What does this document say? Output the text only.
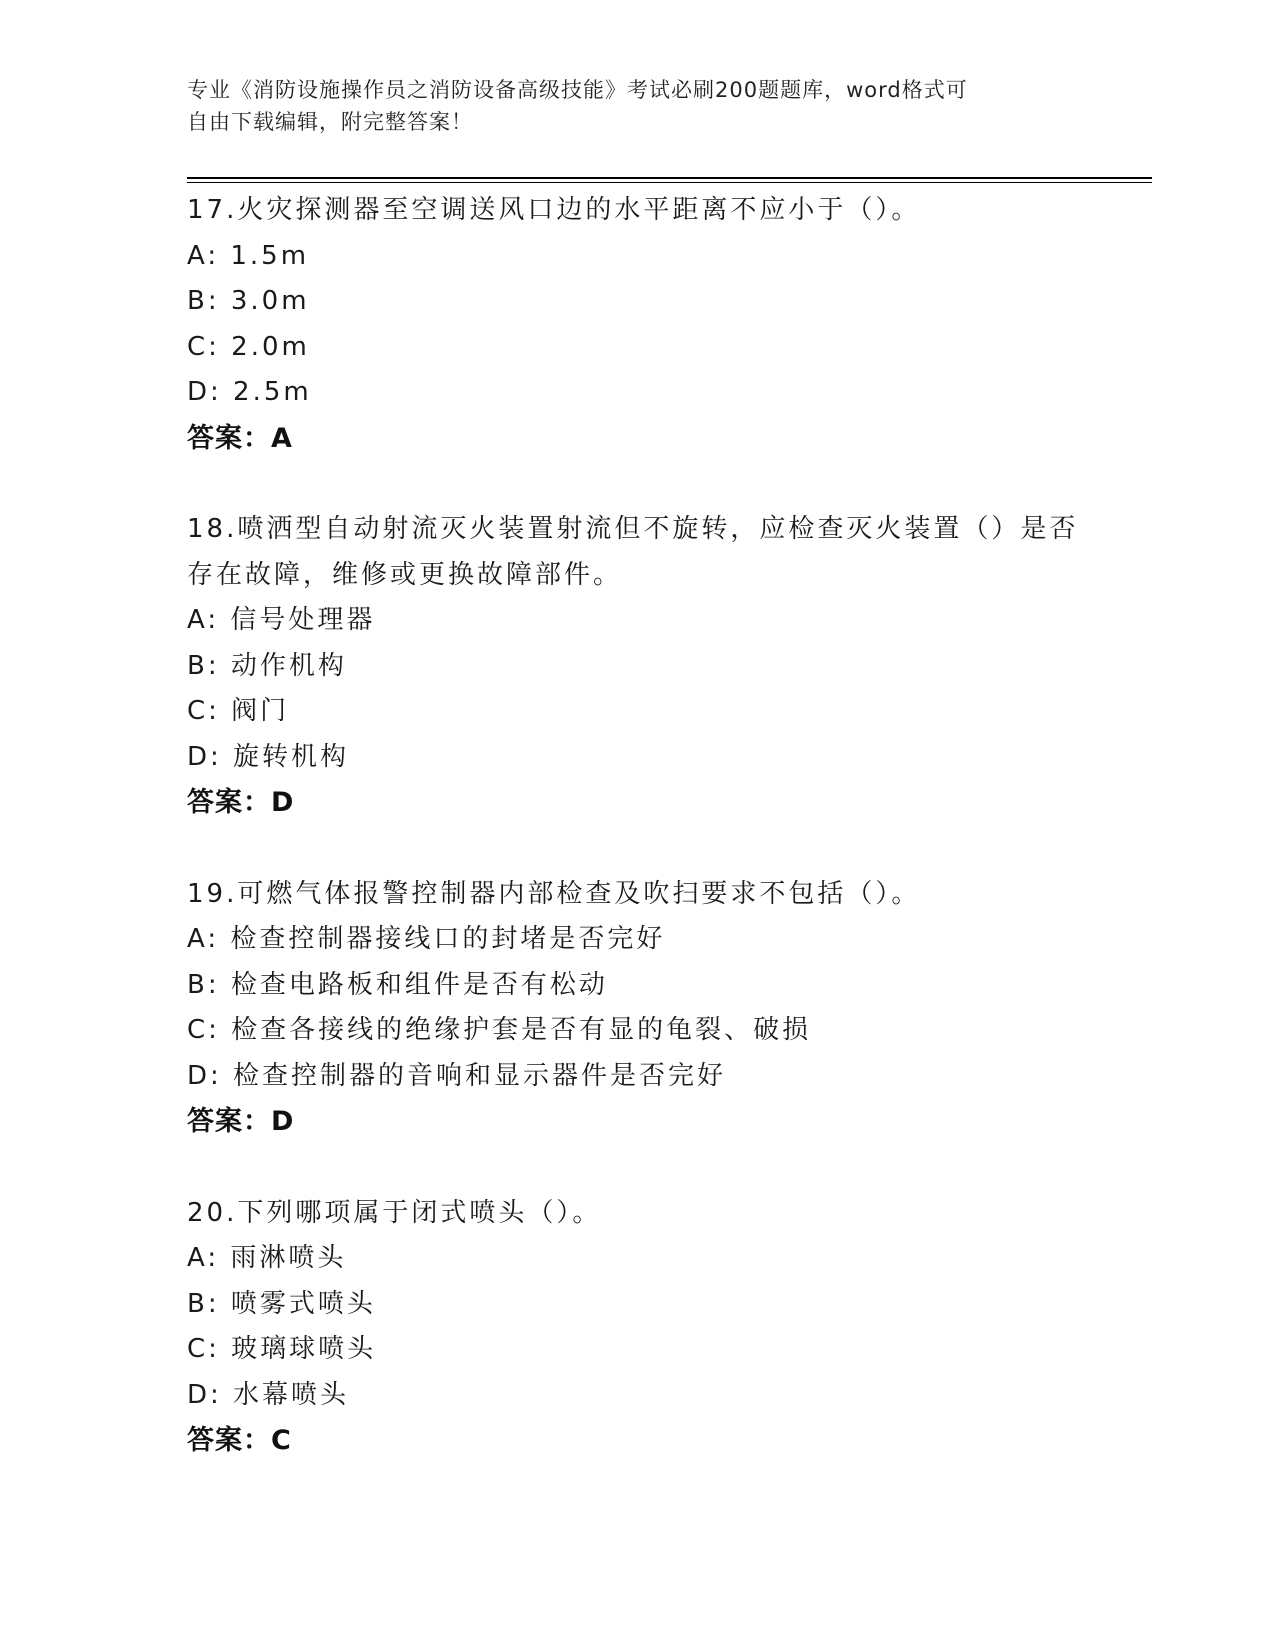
专业《消防设施操作员之消防设备高级技能》考试必刷200题题库，word格式可
自由下载编辑，附完整答案！
17.火灾探测器至空调送风口边的水平距离不应小于（）。
A: 1.5m
B: 3.0m
C: 2.0m
D: 2.5m
答案：A
18.喷洒型自动射流灭火装置射流但不旋转，应检查灭火装置（）是否存在故障，维修或更换故障部件。
A: 信号处理器
B: 动作机构
C: 阀门
D: 旋转机构
答案：D
19.可燃气体报警控制器内部检查及吹扫要求不包括（）。
A: 检查控制器接线口的封堵是否完好
B: 检查电路板和组件是否有松动
C: 检查各接线的绝缘护套是否有显的龟裂、破损
D: 检查控制器的音响和显示器件是否完好
答案：D
20.下列哪项属于闭式喷头（）。
A: 雨淋喷头
B: 喷雾式喷头
C: 玻璃球喷头
D: 水幕喷头
答案：C
